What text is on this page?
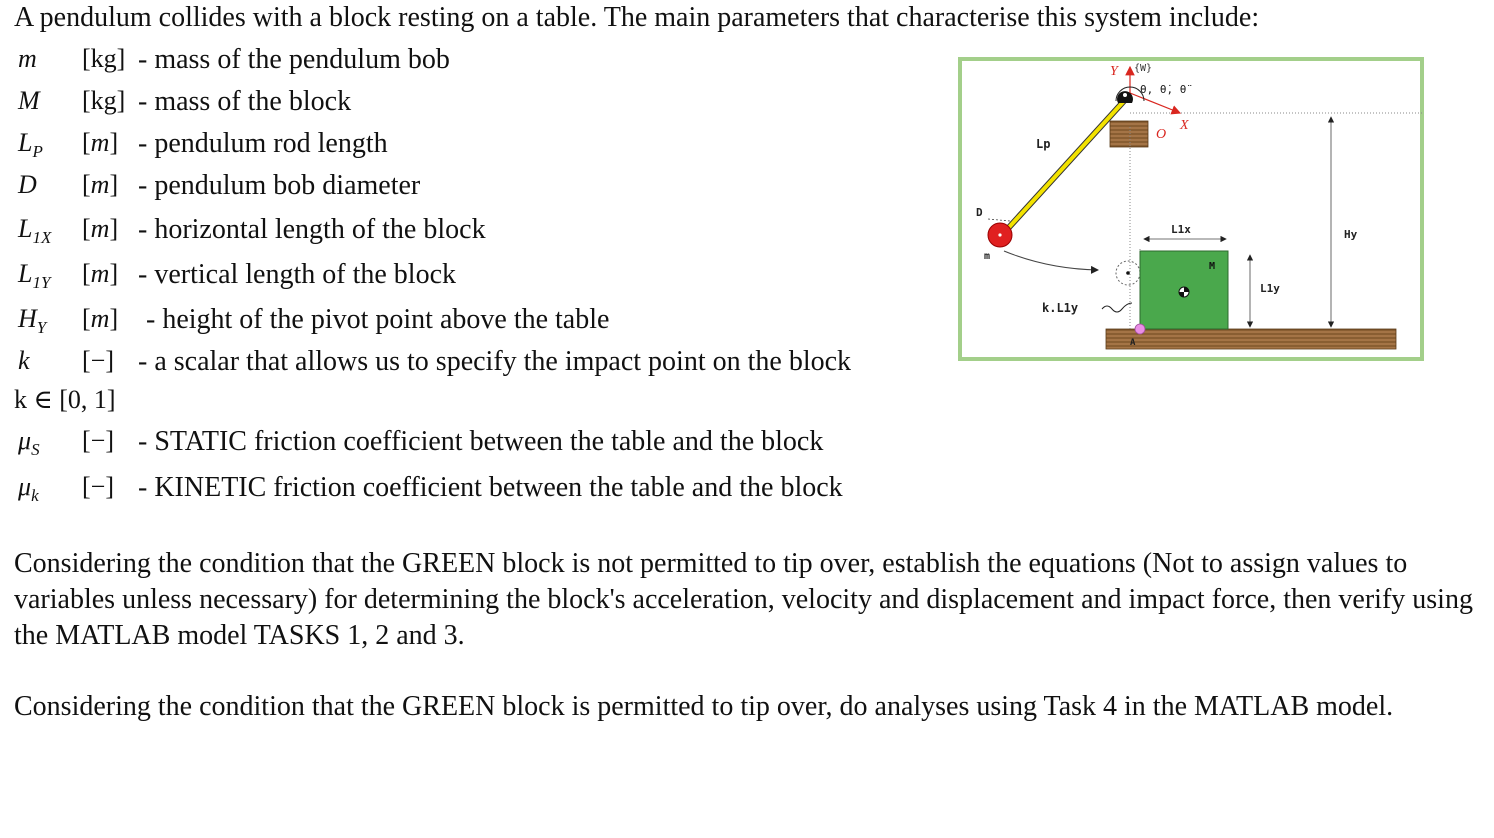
A pendulum collides with a block resting on a table. The main parameters that characterise this system include:
m [kg] - mass of the pendulum bob
M [kg] - mass of the block
$L_P$ [m] - pendulum rod length
D [m] - pendulum bob diameter
$L_{1X}$ [m] - horizontal length of the block
$L_{1Y}$ [m] - vertical length of the block
$H_Y$ [m] - height of the pivot point above the table
k [−] - a scalar that allows us to specify the impact point on the block
k ∈ [0, 1]
$\mu_S$ [−] - STATIC friction coefficient between the table and the block
$\mu_k$ [−] - KINETIC friction coefficient between the table and the block

Considering the condition that the GREEN block is not permitted to tip over, establish the equations (Not to assign values to variables unless necessary) for determining the block's acceleration, velocity and displacement and impact force, then verify using the MATLAB model TASKS 1, 2 and 3.

Considering the condition that the GREEN block is permitted to tip over, do analyses using Task 4 in the MATLAB model.

Y {W}
X
O
θ, θ̇, θ̈
D
m
Lp
M
A
L1x
L1y
Hy
k.L1y
